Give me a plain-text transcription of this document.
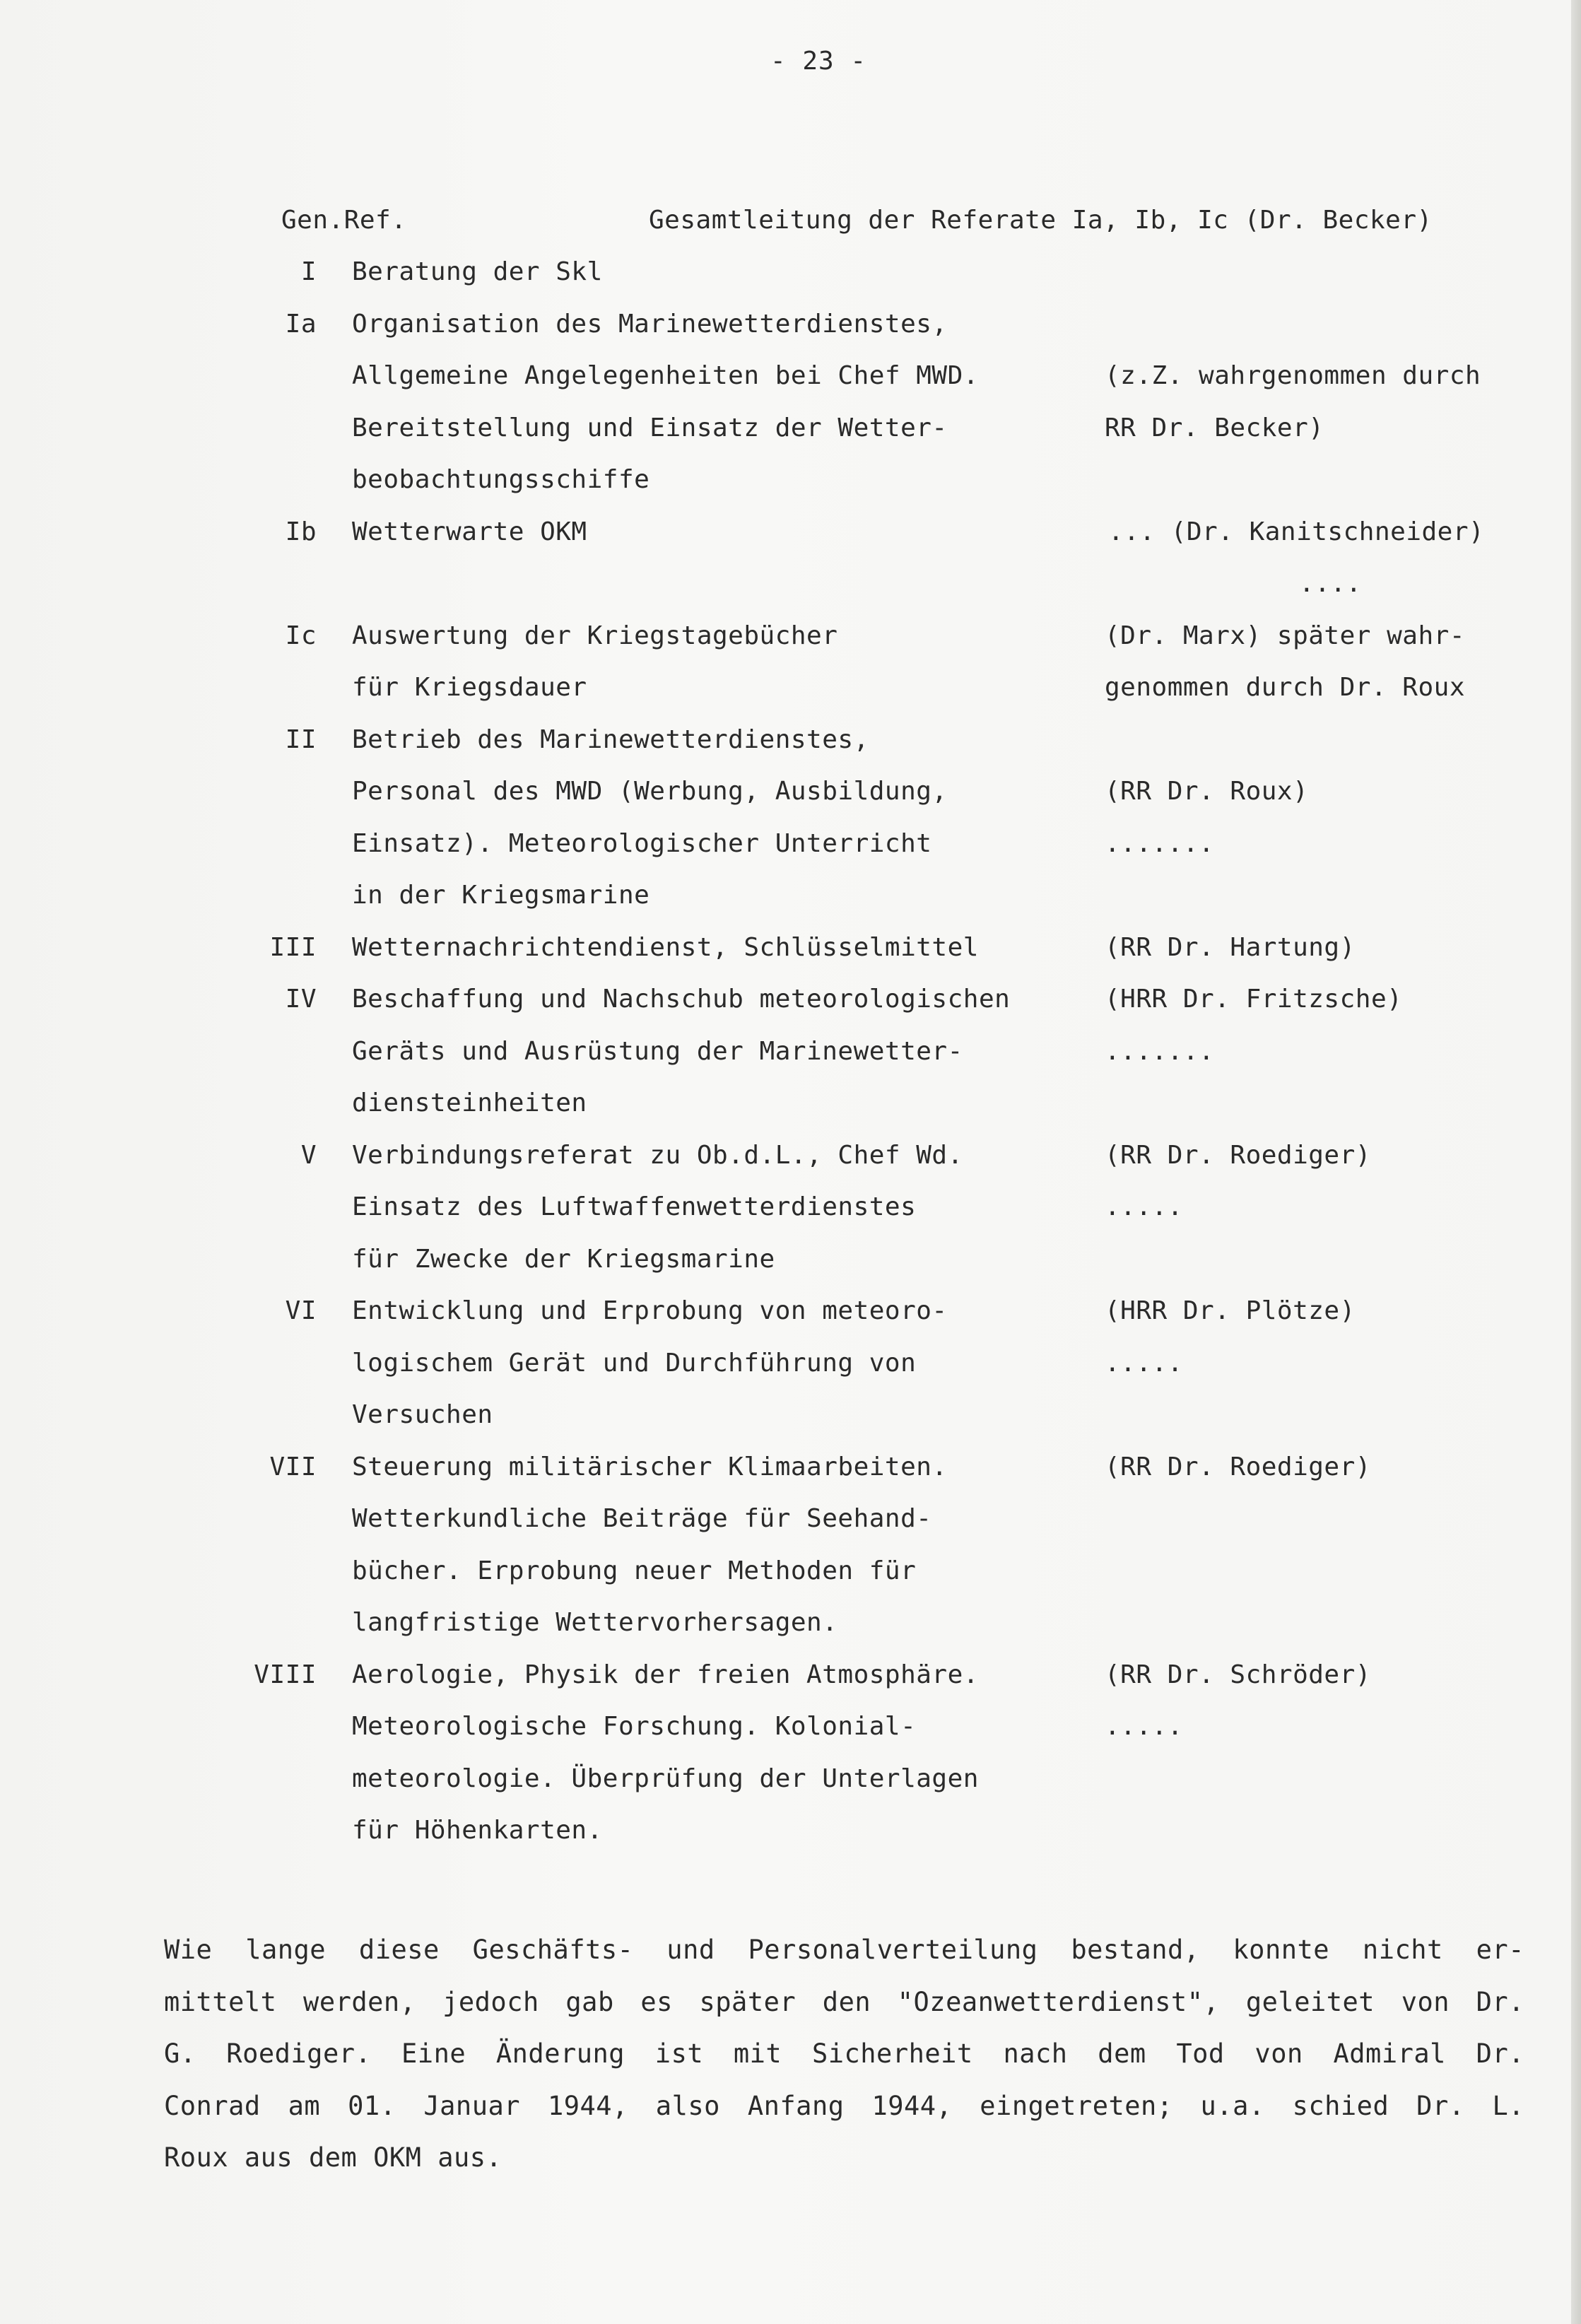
- 23 -
Gen.Ref.	Gesamtleitung der Referate Ia, Ib, Ic (Dr. Becker)
I Beratung der Skl
Ia Organisation des Marinewetterdienstes,
Allgemeine Angelegenheiten bei Chef MWD.	(z.Z. wahrgenommen durch
Bereitstellung und Einsatz der Wetter-	RR Dr. Becker)
beobachtungsschiffe
Ib Wetterwarte OKM	... (Dr. Kanitschneider)
....
Ic Auswertung der Kriegstagebücher	(Dr. Marx) später wahr-
für Kriegsdauer	genommen durch Dr. Roux
II Betrieb des Marinewetterdienstes,
Personal des MWD (Werbung, Ausbildung,	(RR Dr. Roux)
Einsatz). Meteorologischer Unterricht	.......
in der Kriegsmarine
III Wetternachrichtendienst, Schlüsselmittel	(RR Dr. Hartung)
IV Beschaffung und Nachschub meteorologischen	(HRR Dr. Fritzsche)
Geräts und Ausrüstung der Marinewetter-	.......
diensteinheiten
V Verbindungsreferat zu Ob.d.L., Chef Wd.	(RR Dr. Roediger)
Einsatz des Luftwaffenwetterdienstes	.....
für Zwecke der Kriegsmarine
VI Entwicklung und Erprobung von meteoro-	(HRR Dr. Plötze)
logischem Gerät und Durchführung von	.....
Versuchen
VII Steuerung militärischer Klimaarbeiten.	(RR Dr. Roediger)
Wetterkundliche Beiträge für Seehand-
bücher. Erprobung neuer Methoden für
langfristige Wettervorhersagen.
VIII Aerologie, Physik der freien Atmosphäre.	(RR Dr. Schröder)
Meteorologische Forschung. Kolonial-	.....
meteorologie. Überprüfung der Unterlagen
für Höhenkarten.
Wie lange diese Geschäfts- und Personalverteilung bestand, konnte nicht er-
mittelt werden, jedoch gab es später den "Ozeanwetterdienst", geleitet von Dr.
G. Roediger. Eine Änderung ist mit Sicherheit nach dem Tod von Admiral Dr.
Conrad am 01. Januar 1944, also Anfang 1944, eingetreten; u.a. schied Dr. L.
Roux aus dem OKM aus.
